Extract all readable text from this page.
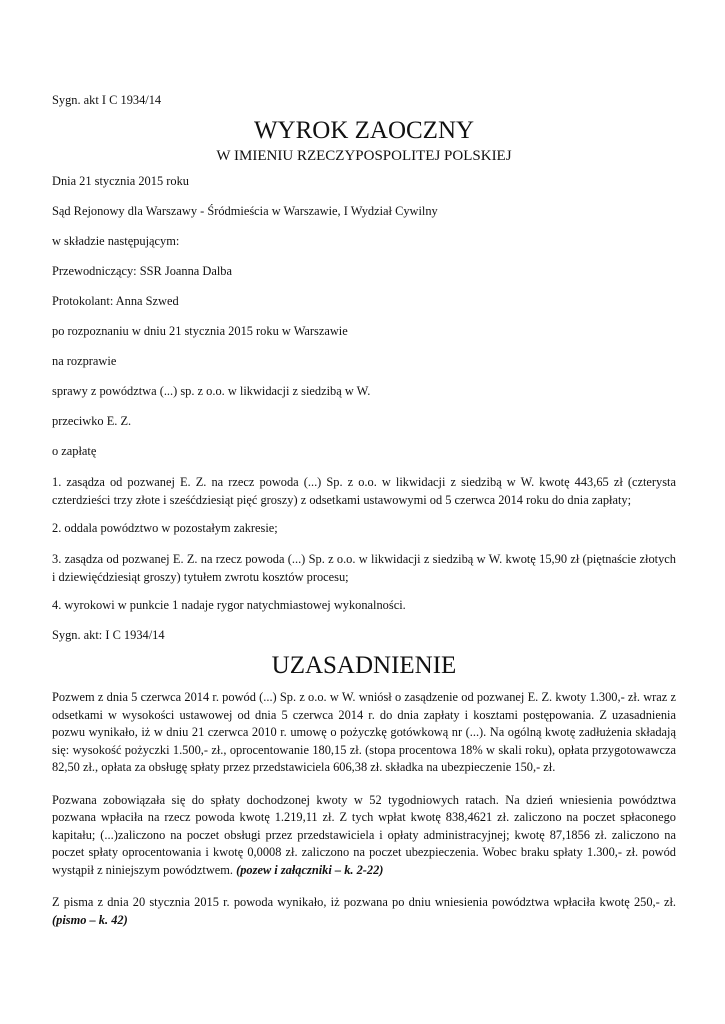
Sygn. akt I C 1934/14

WYROK ZAOCZNY
W IMIENIU RZECZYPOSPOLITEJ POLSKIEJ

Dnia 21 stycznia 2015 roku

Sąd Rejonowy dla Warszawy - Śródmieścia w Warszawie, I Wydział Cywilny

w składzie następującym:

Przewodniczący: SSR Joanna Dalba

Protokolant: Anna Szwed

po rozpoznaniu w dniu 21 stycznia 2015 roku w Warszawie

na rozprawie

sprawy z powództwa (...) sp. z o.o. w likwidacji z siedzibą w W.

przeciwko E. Z.

o zapłatę

1. zasądza od pozwanej E. Z. na rzecz powoda (...) Sp. z o.o. w likwidacji z siedzibą w W. kwotę 443,65 zł (czterysta czterdzieści trzy złote i sześćdziesiąt pięć groszy) z odsetkami ustawowymi od 5 czerwca 2014 roku do dnia zapłaty;

2. oddala powództwo w pozostałym zakresie;

3. zasądza od pozwanej E. Z. na rzecz powoda (...) Sp. z o.o. w likwidacji z siedzibą w W. kwotę 15,90 zł (piętnaście złotych i dziewięćdziesiąt groszy) tytułem zwrotu kosztów procesu;

4. wyrokowi w punkcie 1 nadaje rygor natychmiastowej wykonalności.

Sygn. akt: I C 1934/14

UZASADNIENIE

Pozwem z dnia 5 czerwca 2014 r. powód (...) Sp. z o.o. w W. wniósł o zasądzenie od pozwanej E. Z. kwoty 1.300,- zł. wraz z odsetkami w wysokości ustawowej od dnia 5 czerwca 2014 r. do dnia zapłaty i kosztami postępowania. Z uzasadnienia pozwu wynikało, iż w dniu 21 czerwca 2010 r. umowę o pożyczkę gotówkową nr (...). Na ogólną kwotę zadłużenia składają się: wysokość pożyczki 1.500,- zł., oprocentowanie 180,15 zł. (stopa procentowa 18% w skali roku), opłata przygotowawcza 82,50 zł., opłata za obsługę spłaty przez przedstawiciela 606,38 zł. składka na ubezpieczenie 150,- zł.

Pozwana zobowiązała się do spłaty dochodzonej kwoty w 52 tygodniowych ratach. Na dzień wniesienia powództwa pozwana wpłaciła na rzecz powoda kwotę 1.219,11 zł. Z tych wpłat kwotę 838,4621 zł. zaliczono na poczet spłaconego kapitału; (...)zaliczono na poczet obsługi przez przedstawiciela i opłaty administracyjnej; kwotę 87,1856 zł. zaliczono na poczet spłaty oprocentowania i kwotę 0,0008 zł. zaliczono na poczet ubezpieczenia. Wobec braku spłaty 1.300,- zł. powód wystąpił z niniejszym powództwem. (pozew i załączniki – k. 2-22)

Z pisma z dnia 20 stycznia 2015 r. powoda wynikało, iż pozwana po dniu wniesienia powództwa wpłaciła kwotę 250,- zł. (pismo – k. 42)
